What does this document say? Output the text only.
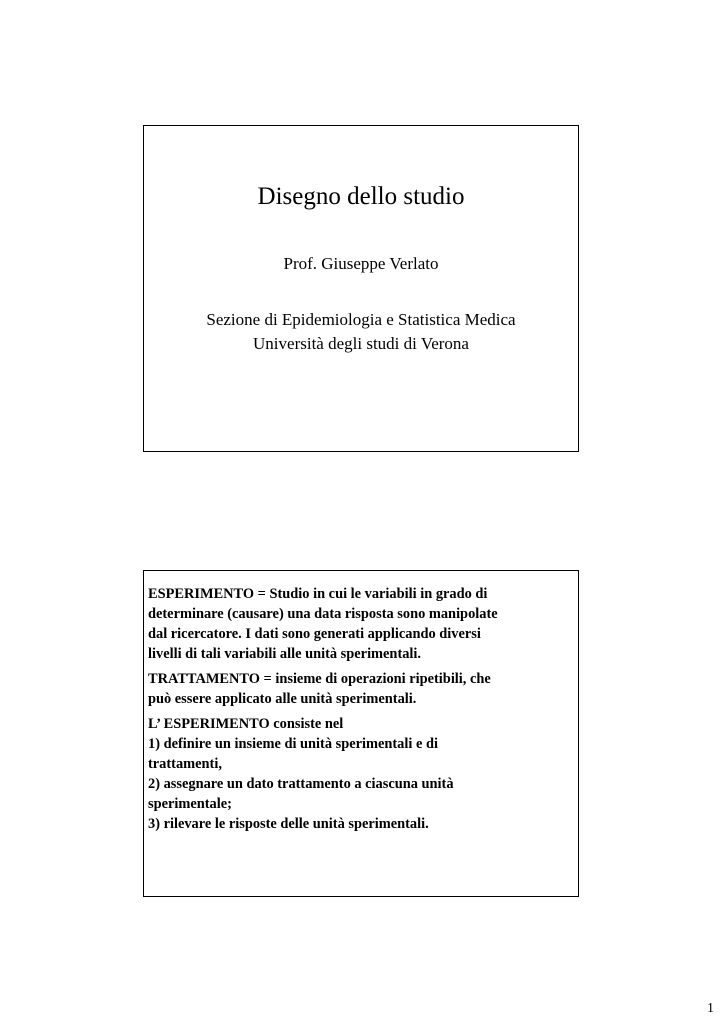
Disegno dello studio
Prof. Giuseppe Verlato
Sezione di Epidemiologia e Statistica Medica
Università degli studi di Verona

ESPERIMENTO = Studio in cui le variabili in grado di
determinare (causare) una data risposta sono manipolate
dal ricercatore. I dati sono generati applicando diversi
livelli di tali variabili alle unità sperimentali.

TRATTAMENTO = insieme di operazioni ripetibili, che
può essere applicato alle unità sperimentali.

L’ ESPERIMENTO consiste nel
1) definire un insieme di unità sperimentali e di
trattamenti,
2) assegnare un dato trattamento a ciascuna unità
sperimentale;
3) rilevare le risposte delle unità sperimentali.

1
